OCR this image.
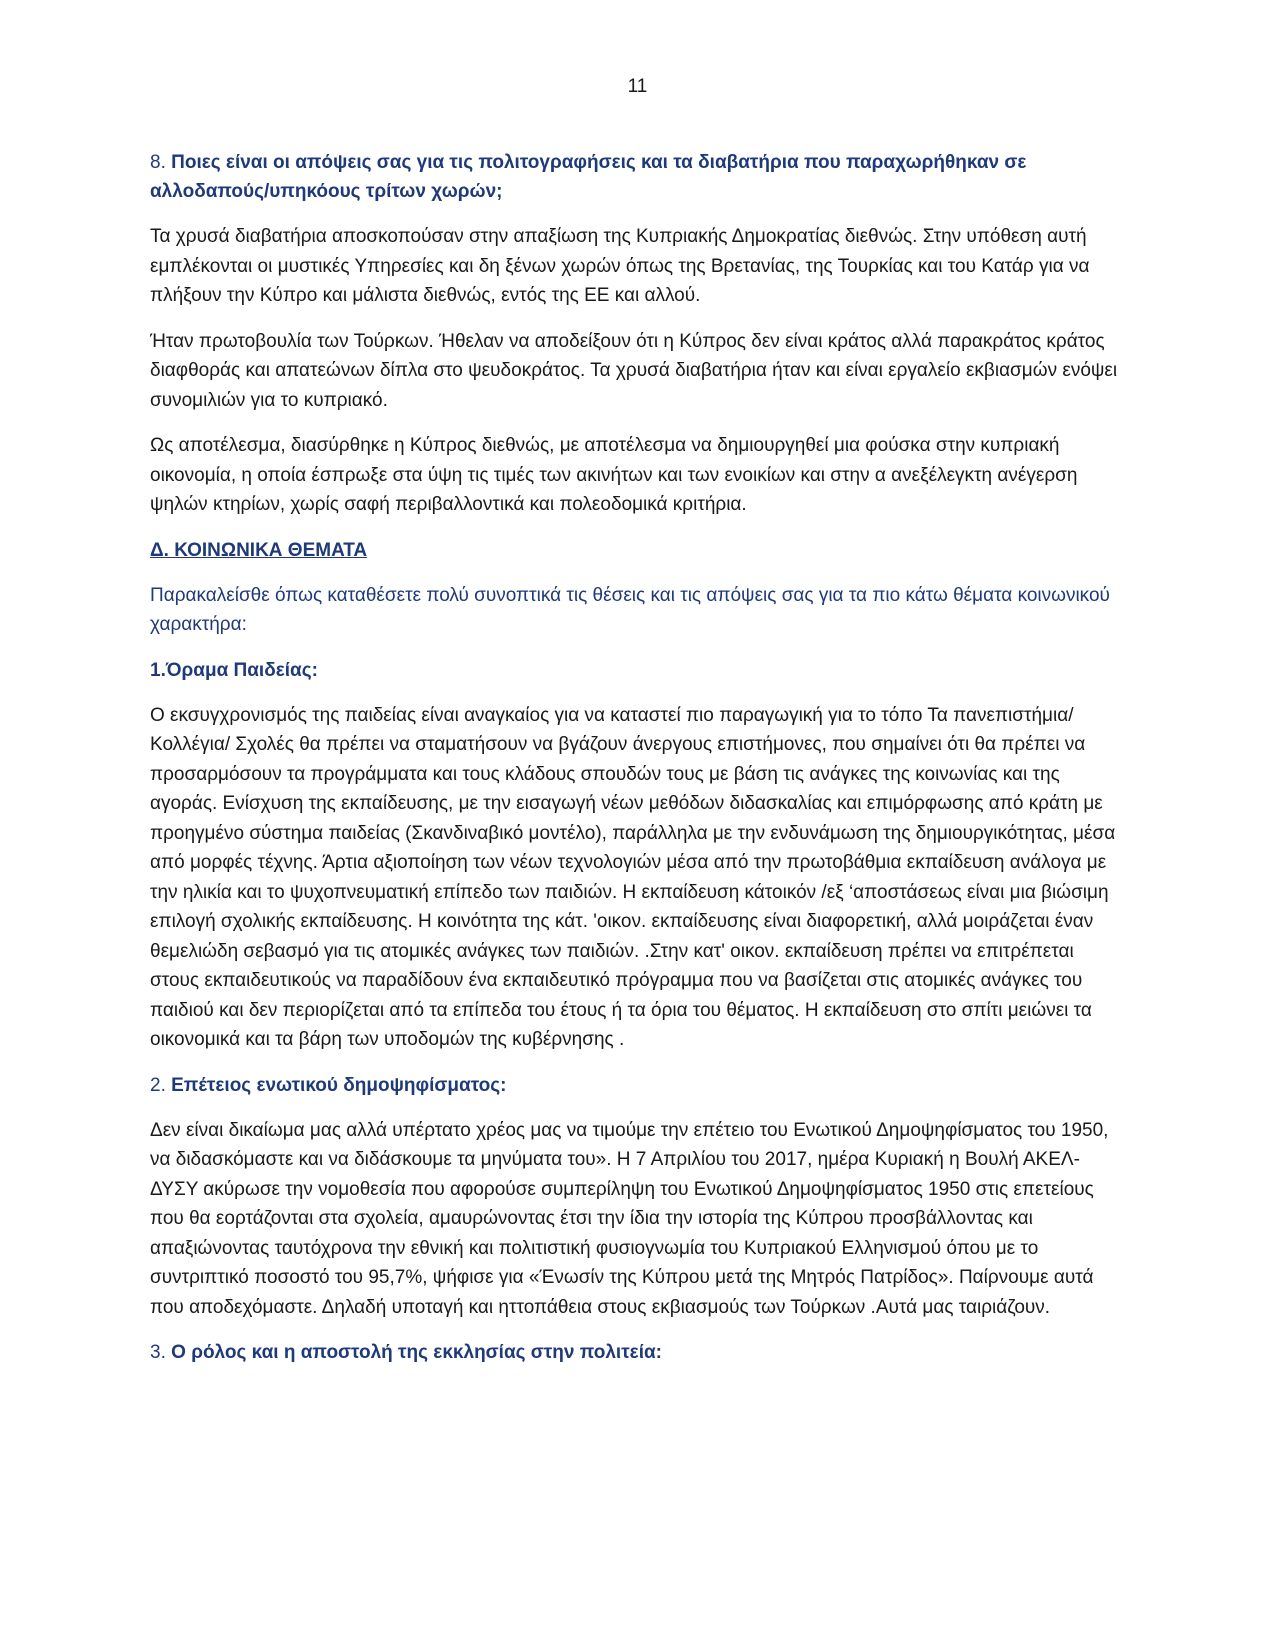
11

8. Ποιες είναι οι απόψεις σας για τις πολιτογραφήσεις και τα διαβατήρια που παραχωρήθηκαν σε αλλοδαπούς/υπηκόους τρίτων χωρών;

Τα χρυσά διαβατήρια αποσκοπούσαν στην απαξίωση της Κυπριακής Δημοκρατίας διεθνώς. Στην υπόθεση αυτή εμπλέκονται οι μυστικές Υπηρεσίες και δη ξένων χωρών όπως της Βρετανίας, της Τουρκίας και του Κατάρ για να πλήξουν την Κύπρο και μάλιστα διεθνώς, εντός της ΕΕ και αλλού.

Ήταν πρωτοβουλία των Τούρκων. Ήθελαν να αποδείξουν ότι η Κύπρος δεν είναι κράτος αλλά παρακράτος κράτος διαφθοράς και απατεώνων δίπλα στο ψευδοκράτος. Τα χρυσά διαβατήρια ήταν και είναι εργαλείο εκβιασμών ενόψει συνομιλιών για το κυπριακό.

Ως αποτέλεσμα, διασύρθηκε η Κύπρος διεθνώς, με αποτέλεσμα να δημιουργηθεί μια φούσκα στην κυπριακή οικονομία, η οποία έσπρωξε στα ύψη τις τιμές των ακινήτων και των ενοικίων και στην α ανεξέλεγκτη ανέγερση ψηλών κτηρίων, χωρίς σαφή περιβαλλοντικά και πολεοδομικά κριτήρια.

Δ. ΚΟΙΝΩΝΙΚΑ ΘΕΜΑΤΑ

Παρακαλείσθε όπως καταθέσετε πολύ συνοπτικά τις θέσεις και τις απόψεις σας για τα πιο κάτω θέματα κοινωνικού χαρακτήρα:

1.Όραμα Παιδείας:

Ο εκσυγχρονισμός της παιδείας είναι αναγκαίος για να καταστεί πιο παραγωγική για το τόπο Τα πανεπιστήμια/Κολλέγια/ Σχολές θα πρέπει να σταματήσουν να βγάζουν άνεργους επιστήμονες, που σημαίνει ότι θα πρέπει να προσαρμόσουν τα προγράμματα και τους κλάδους σπουδών τους με βάση τις ανάγκες της κοινωνίας και της αγοράς. Ενίσχυση της εκπαίδευσης, με την εισαγωγή νέων μεθόδων διδασκαλίας και επιμόρφωσης από κράτη με προηγμένο σύστημα παιδείας (Σκανδιναβικό μοντέλο), παράλληλα με την ενδυνάμωση της δημιουργικότητας, μέσα από μορφές τέχνης. Άρτια αξιοποίηση των νέων τεχνολογιών μέσα από την πρωτοβάθμια εκπαίδευση ανάλογα με την ηλικία και το ψυχοπνευματική επίπεδο των παιδιών. Η εκπαίδευση κάτοικόν /εξ ‘αποστάσεως είναι μια βιώσιμη επιλογή σχολικής εκπαίδευσης. Η κοινότητα της κάτ. 'οικον. εκπαίδευσης είναι διαφορετική, αλλά μοιράζεται έναν θεμελιώδη σεβασμό για τις ατομικές ανάγκες των παιδιών. .Στην κατ' οικον. εκπαίδευση πρέπει να επιτρέπεται στους εκπαιδευτικούς να παραδίδουν ένα εκπαιδευτικό πρόγραμμα που να βασίζεται στις ατομικές ανάγκες του παιδιού και δεν περιορίζεται από τα επίπεδα του έτους ή τα όρια του θέματος. Η εκπαίδευση στο σπίτι μειώνει τα οικονομικά και τα βάρη των υποδομών της κυβέρνησης .

2. Επέτειος ενωτικού δημοψηφίσματος:

Δεν είναι δικαίωμα μας αλλά υπέρτατο χρέος μας να τιμούμε την επέτειο του Ενωτικού Δημοψηφίσματος του 1950, να διδασκόμαστε και να διδάσκουμε τα μηνύματα του». Η 7 Απριλίου του 2017, ημέρα Κυριακή η Βουλή ΑΚΕΛ-ΔΥΣΥ ακύρωσε την νομοθεσία που αφορούσε συμπερίληψη του Ενωτικού Δημοψηφίσματος 1950 στις επετείους που θα εορτάζονται στα σχολεία, αμαυρώνοντας έτσι την ίδια την ιστορία της Κύπρου προσβάλλοντας και απαξιώνοντας ταυτόχρονα την εθνική και πολιτιστική φυσιογνωμία του Κυπριακού Ελληνισμού όπου με το συντριπτικό ποσοστό του 95,7%, ψήφισε για «Ένωσίν της Κύπρου μετά της Μητρός Πατρίδος». Παίρνουμε αυτά που αποδεχόμαστε. Δηλαδή υποταγή και ηττοπάθεια στους εκβιασμούς των Τούρκων .Αυτά μας ταιριάζουν.

3. Ο ρόλος και η αποστολή της εκκλησίας στην πολιτεία:
